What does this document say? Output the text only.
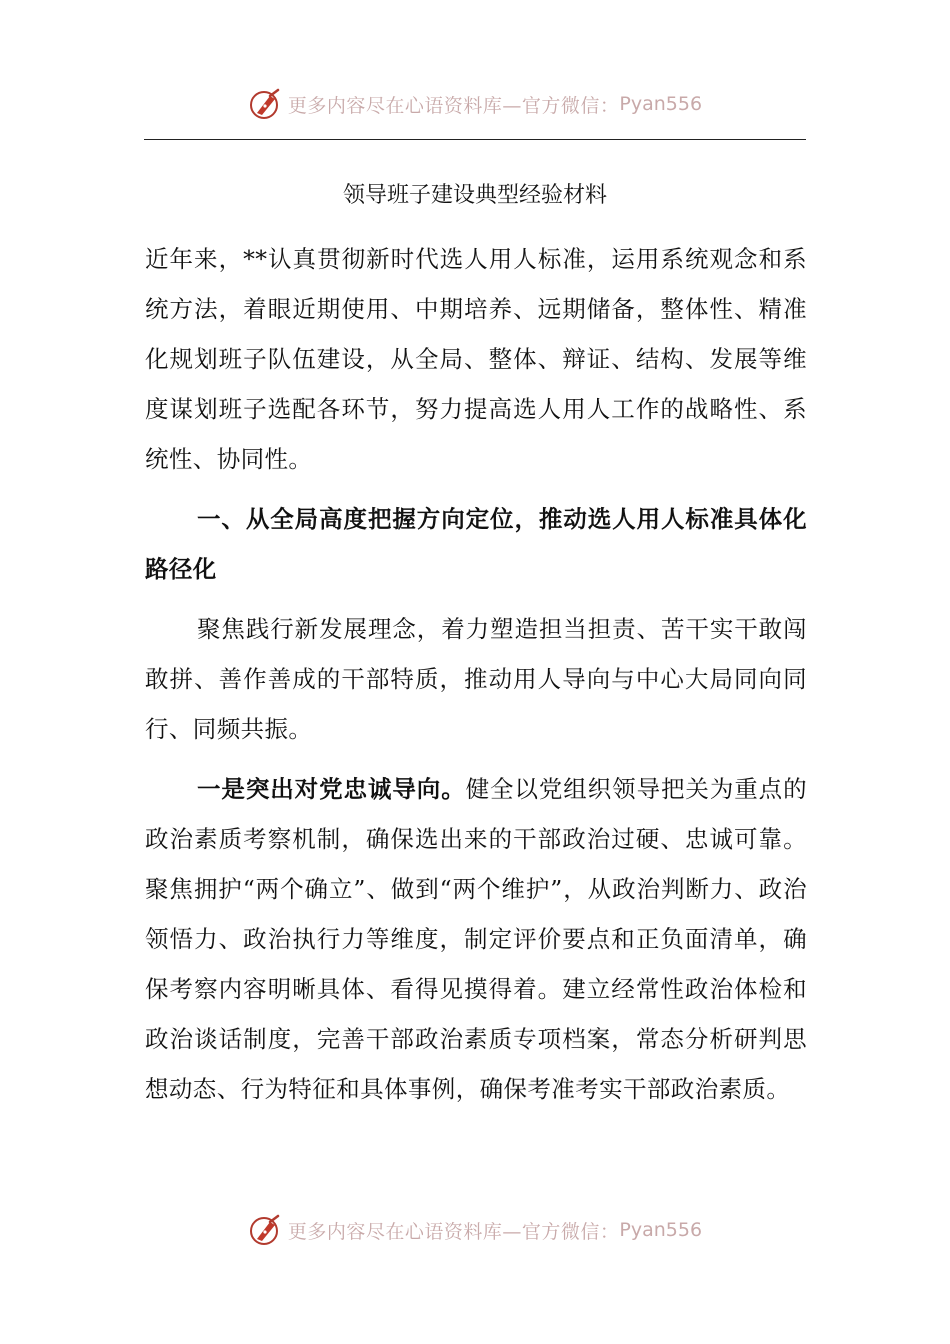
更多内容尽在心语资料库—官方微信： Pyan556
领导班子建设典型经验材料

近年来，**认真贯彻新时代选人用人标准，运用系统观念和系统方法，着眼近期使用、中期培养、远期储备，整体性、精准化规划班子队伍建设，从全局、整体、辩证、结构、发展等维度谋划班子选配各环节，努力提高选人用人工作的战略性、系统性、协同性。

一、从全局高度把握方向定位，推动选人用人标准具体化路径化

聚焦践行新发展理念，着力塑造担当担责、苦干实干敢闯敢拼、善作善成的干部特质，推动用人导向与中心大局同向同行、同频共振。

一是突出对党忠诚导向。健全以党组织领导把关为重点的政治素质考察机制，确保选出来的干部政治过硬、忠诚可靠。聚焦拥护“两个确立”、做到“两个维护”，从政治判断力、政治领悟力、政治执行力等维度，制定评价要点和正负面清单，确保考察内容明晰具体、看得见摸得着。建立经常性政治体检和政治谈话制度，完善干部政治素质专项档案，常态分析研判思想动态、行为特征和具体事例，确保考准考实干部政治素质。

更多内容尽在心语资料库—官方微信： Pyan556
